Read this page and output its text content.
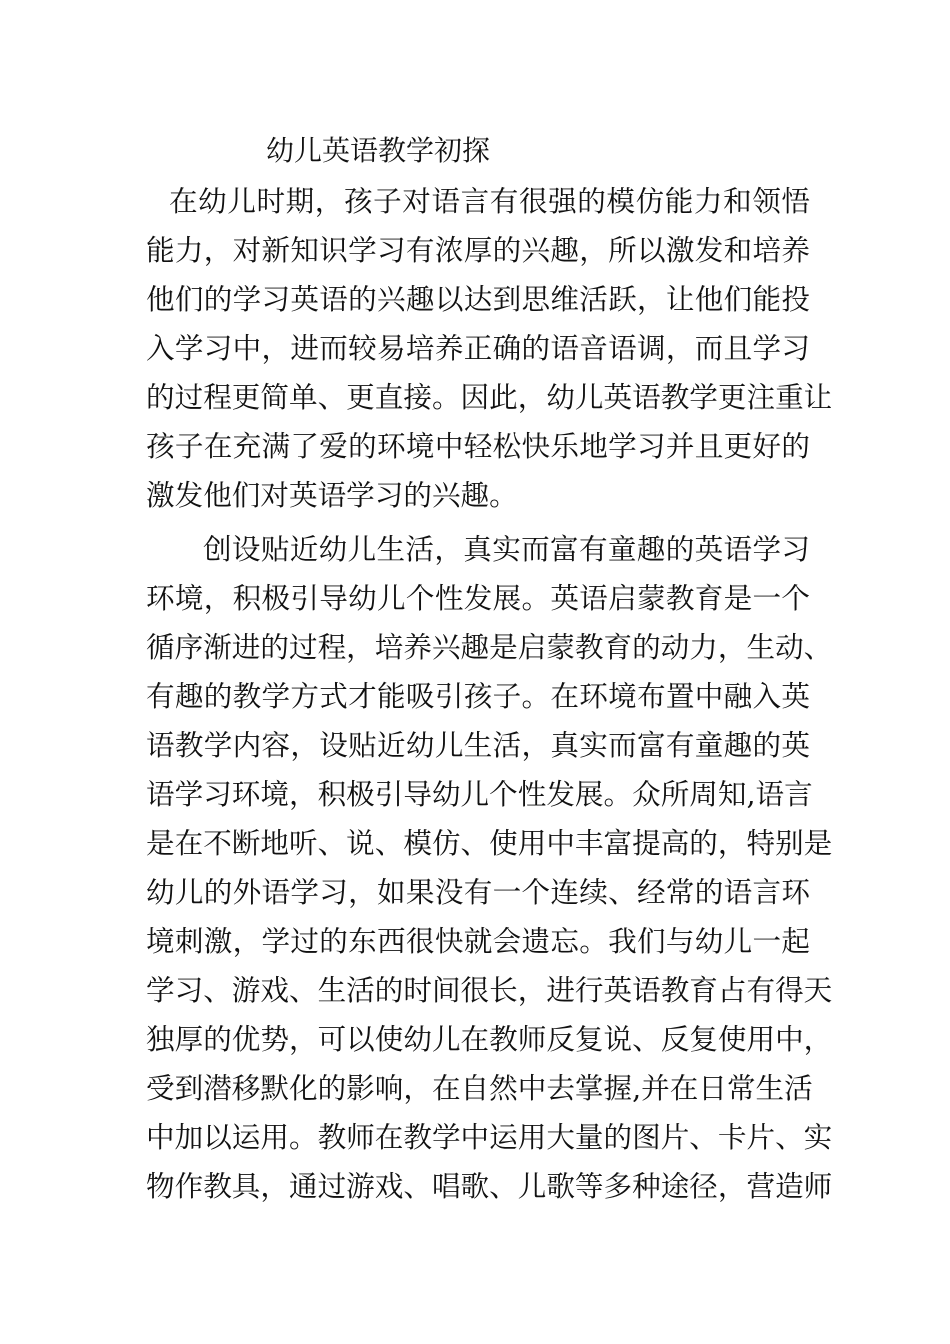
幼儿英语教学初探

在幼儿时期，孩子对语言有很强的模仿能力和领悟

能力，对新知识学习有浓厚的兴趣，所以激发和培养

他们的学习英语的兴趣以达到思维活跃，让他们能投

入学习中，进而较易培养正确的语音语调，而且学习

的过程更简单、更直接。因此，幼儿英语教学更注重让

孩子在充满了爱的环境中轻松快乐地学习并且更好的

激发他们对英语学习的兴趣。

创设贴近幼儿生活，真实而富有童趣的英语学习

环境，积极引导幼儿个性发展。英语启蒙教育是一个

循序渐进的过程，培养兴趣是启蒙教育的动力，生动、

有趣的教学方式才能吸引孩子。在环境布置中融入英

语教学内容，设贴近幼儿生活，真实而富有童趣的英

语学习环境，积极引导幼儿个性发展。众所周知,语言

是在不断地听、说、模仿、使用中丰富提高的，特别是

幼儿的外语学习，如果没有一个连续、经常的语言环

境刺激，学过的东西很快就会遗忘。我们与幼儿一起

学习、游戏、生活的时间很长，进行英语教育占有得天

独厚的优势，可以使幼儿在教师反复说、反复使用中，

受到潜移默化的影响，在自然中去掌握,并在日常生活

中加以运用。教师在教学中运用大量的图片、卡片、实

物作教具，通过游戏、唱歌、儿歌等多种途径，营造师
